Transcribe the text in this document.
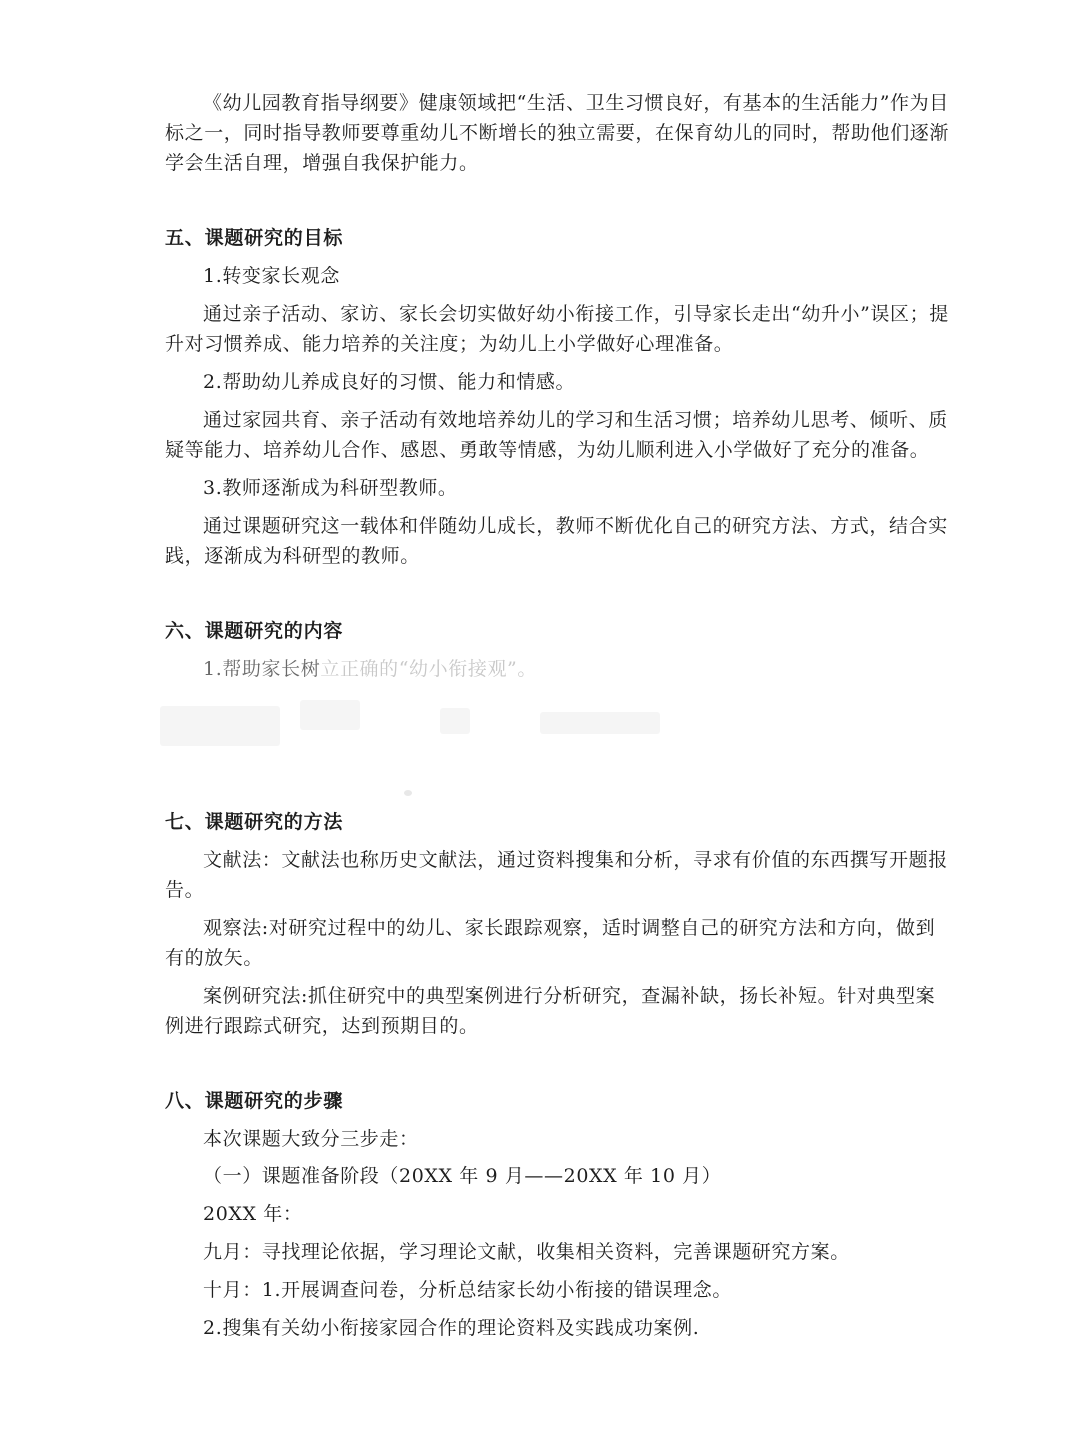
《幼儿园教育指导纲要》健康领域把“生活、卫生习惯良好，有基本的生活能力”作为目
标之一，同时指导教师要尊重幼儿不断增长的独立需要，在保育幼儿的同时，帮助他们逐渐
学会生活自理，增强自我保护能力。
五、课题研究的目标
1.转变家长观念
通过亲子活动、家访、家长会切实做好幼小衔接工作，引导家长走出“幼升小”误区；提
升对习惯养成、能力培养的关注度；为幼儿上小学做好心理准备。
2.帮助幼儿养成良好的习惯、能力和情感。
通过家园共育、亲子活动有效地培养幼儿的学习和生活习惯；培养幼儿思考、倾听、质
疑等能力、培养幼儿合作、感恩、勇敢等情感，为幼儿顺利进入小学做好了充分的准备。
3.教师逐渐成为科研型教师。
通过课题研究这一载体和伴随幼儿成长，教师不断优化自己的研究方法、方式，结合实
践，逐渐成为科研型的教师。
六、课题研究的内容
1.帮助家长树立正确的“幼小衔接观”。
七、课题研究的方法
文献法：文献法也称历史文献法，通过资料搜集和分析，寻求有价值的东西撰写开题报
告。
观察法:对研究过程中的幼儿、家长跟踪观察，适时调整自己的研究方法和方向，做到
有的放矢。
案例研究法:抓住研究中的典型案例进行分析研究，查漏补缺，扬长补短。针对典型案
例进行跟踪式研究，达到预期目的。
八、课题研究的步骤
本次课题大致分三步走：
（一）课题准备阶段（20XX 年 9 月——20XX 年 10 月）
20XX 年：
九月：寻找理论依据，学习理论文献，收集相关资料，完善课题研究方案。
十月：1.开展调查问卷，分析总结家长幼小衔接的错误理念。
2.搜集有关幼小衔接家园合作的理论资料及实践成功案例.
